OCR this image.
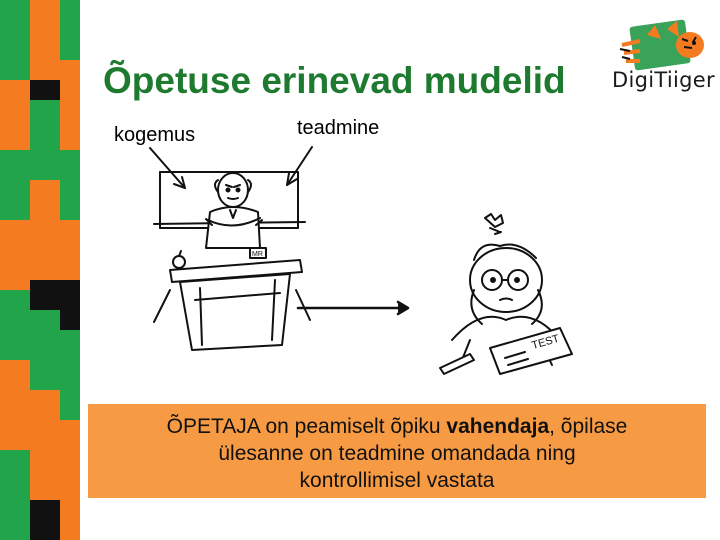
Õpetuse erinevad mudelid DigiTiiger
kogemus	teadmine
TEST
MR
ÕPETAJA on peamiselt õpiku vahendaja, õpilase
ülesanne on teadmine omandada ning
kontrollimisel vastata
